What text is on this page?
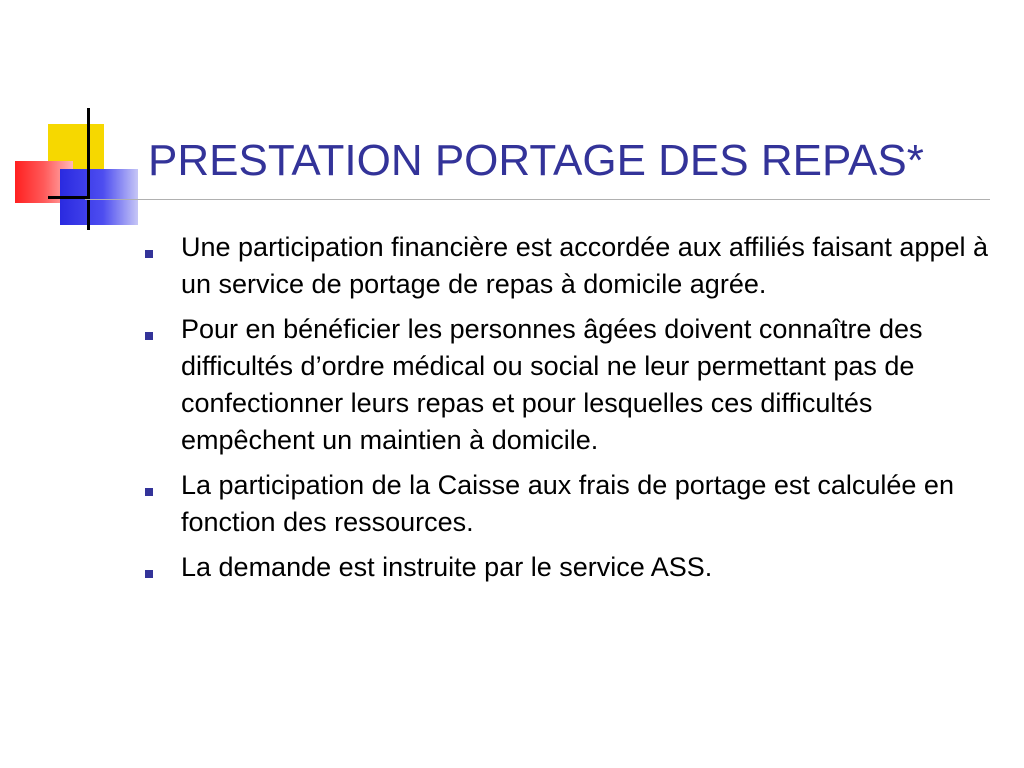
PRESTATION PORTAGE DES REPAS*
Une participation financière est accordée aux affiliés faisant appel à un service de portage de repas à domicile agrée.
Pour en bénéficier les personnes âgées doivent connaître des difficultés d’ordre médical ou social ne leur permettant pas de confectionner leurs repas et pour lesquelles ces difficultés empêchent un maintien à domicile.
La participation de la Caisse aux frais de portage est calculée en fonction des ressources.
La demande est instruite par le service ASS.
